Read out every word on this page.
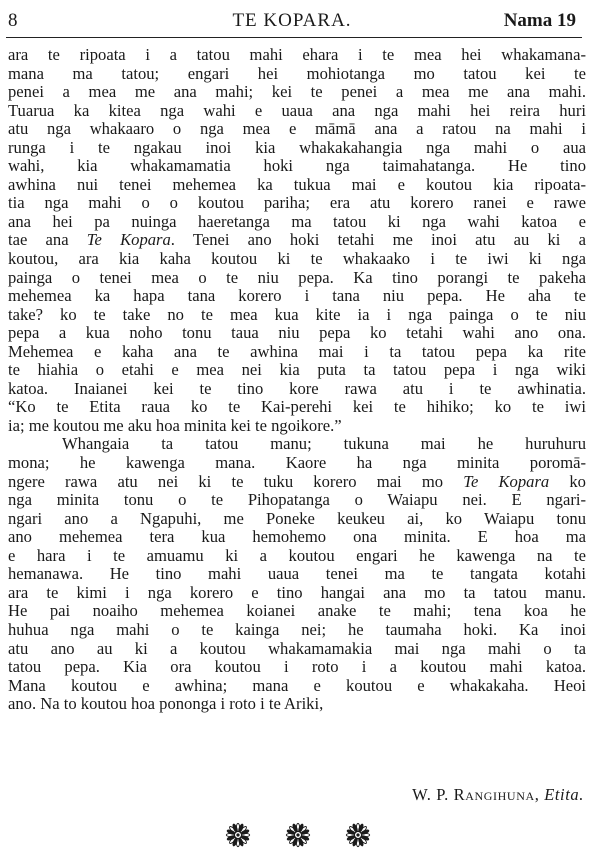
8	TE KOPARA.	Nama 19

ara te ripoata i a tatou mahi ehara i te mea hei whakamana-

mana ma tatou; engari hei mohiotanga mo tatou kei te

penei a mea me ana mahi; kei te penei a mea me ana mahi.

Tuarua ka kitea nga wahi e uaua ana nga mahi hei reira huri

atu nga whakaaro o nga mea e māmā ana a ratou na mahi i

runga i te ngakau inoi kia whakakahangia nga mahi o aua

wahi, kia whakamamatia hoki nga taimahatanga. He tino

awhina nui tenei mehemea ka tukua mai e koutou kia ripoata-

tia nga mahi o o koutou pariha; era atu korero ranei e rawe

ana hei pa nuinga haeretanga ma tatou ki nga wahi katoa e

tae ana Te Kopara. Tenei ano hoki tetahi me inoi atu au ki a

koutou, ara kia kaha koutou ki te whakaako i te iwi ki nga

painga o tenei mea o te niu pepa. Ka tino porangi te pakeha

mehemea ka hapa tana korero i tana niu pepa. He aha te

take? ko te take no te mea kua kite ia i nga painga o te niu

pepa a kua noho tonu taua niu pepa ko tetahi wahi ano ona.

Mehemea e kaha ana te awhina mai i ta tatou pepa ka rite

te hiahia o etahi e mea nei kia puta ta tatou pepa i nga wiki

katoa. Inaianei kei te tino kore rawa atu i te awhinatia.

“Ko te Etita raua ko te Kai-perehi kei te hihiko; ko te iwi

ia; me koutou me aku hoa minita kei te ngoikore.”

Whangaia ta tatou manu; tukuna mai he huruhuru

mona; he kawenga mana. Kaore ha nga minita poromā-

ngere rawa atu nei ki te tuku korero mai mo Te Kopara ko

nga minita tonu o te Pihopatanga o Waiapu nei. E ngari-

ngari ano a Ngapuhi, me Poneke keukeu ai, ko Waiapu tonu

ano mehemea tera kua hemohemo ona minita. E hoa ma

e hara i te amuamu ki a koutou engari he kawenga na te

hemanawa. He tino mahi uaua tenei ma te tangata kotahi

ara te kimi i nga korero e tino hangai ana mo ta tatou manu.

He pai noaiho mehemea koianei anake te mahi; tena koa he

huhua nga mahi o te kainga nei; he taumaha hoki. Ka inoi

atu ano au ki a koutou whakamamakia mai nga mahi o ta

tatou pepa. Kia ora koutou i roto i a koutou mahi katoa.

Mana koutou e awhina; mana e koutou e whakakaha. Heoi

ano. Na to koutou hoa pononga i roto i te Ariki,

W. P. Rangihuna, Etita.
